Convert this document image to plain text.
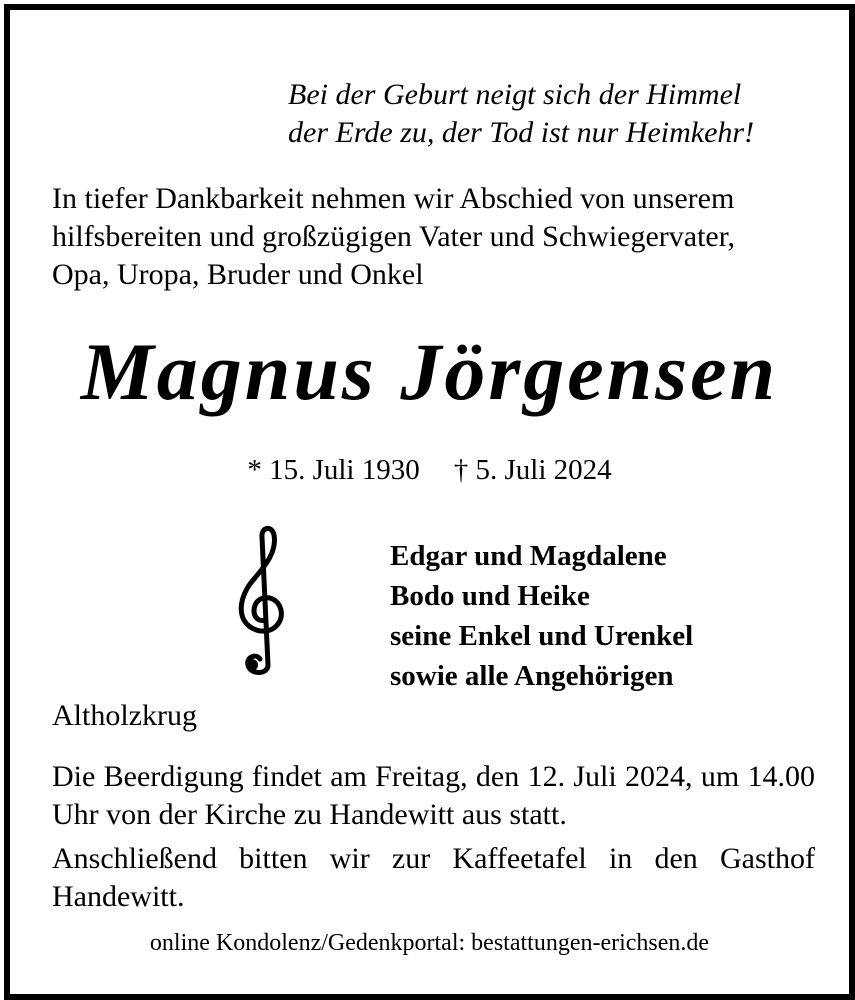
Bei der Geburt neigt sich der Himmel
der Erde zu, der Tod ist nur Heimkehr!
In tiefer Dankbarkeit nehmen wir Abschied von unserem
hilfsbereiten und großzügigen Vater und Schwiegervater,
Opa, Uropa, Bruder und Onkel
Magnus Jörgensen
* 15. Juli 1930 † 5. Juli 2024
Edgar und Magdalene
Bodo und Heike
seine Enkel und Urenkel
sowie alle Angehörigen
Altholzkrug

Die Beerdigung findet am Freitag, den 12. Juli 2024, um 14.00 Uhr von der Kirche zu Handewitt aus statt.

Anschließend bitten wir zur Kaffeetafel in den Gasthof Handewitt.

online Kondolenz/Gedenkportal: bestattungen-erichsen.de
